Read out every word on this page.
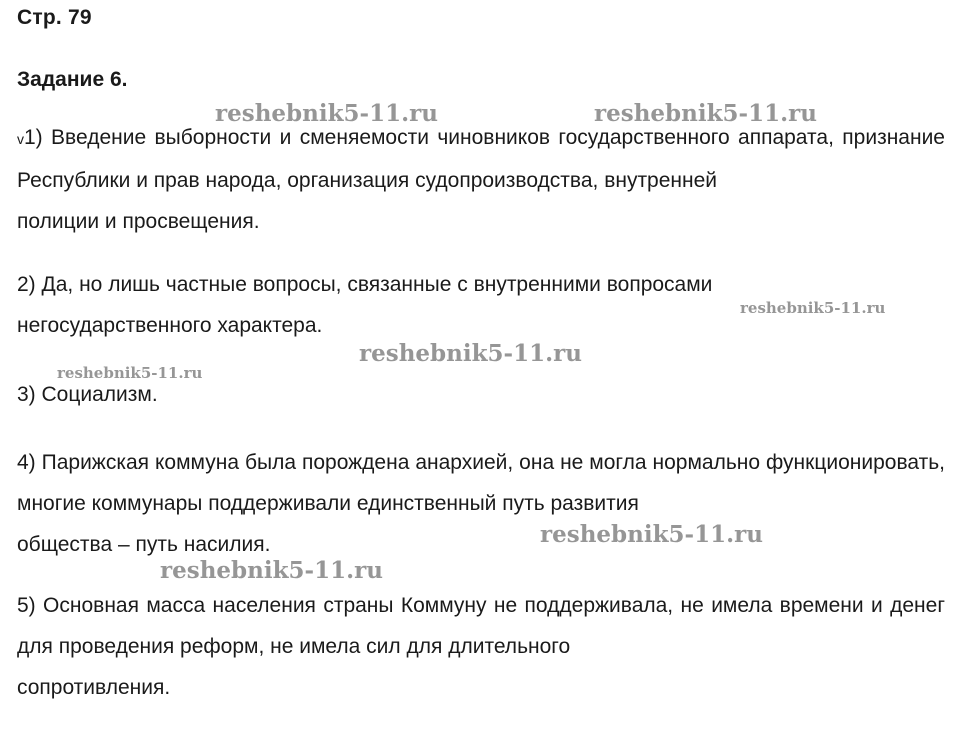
Стр. 79
Задание 6.

v1) Введение выборности и сменяемости чиновников государственного аппарата, признание Республики и прав народа, организация судопроизводства, внутренней
полиции и просвещения.

2) Да, но лишь частные вопросы, связанные с внутренними вопросами
негосударственного характера.

3) Социализм.

4) Парижская коммуна была порождена анархией, она не могла нормально функционировать, многие коммунары поддерживали единственный путь развития
общества – путь насилия.

5) Основная масса населения страны Коммуну не поддерживала, не имела времени и денег для проведения реформ, не имела сил для длительного
сопротивления.

reshebnik5-11.ru	reshebnik5-11.ru
reshebnik5-11.ru
reshebnik5-11.ru
reshebnik5-11.ru
reshebnik5-11.ru
reshebnik5-11.ru
